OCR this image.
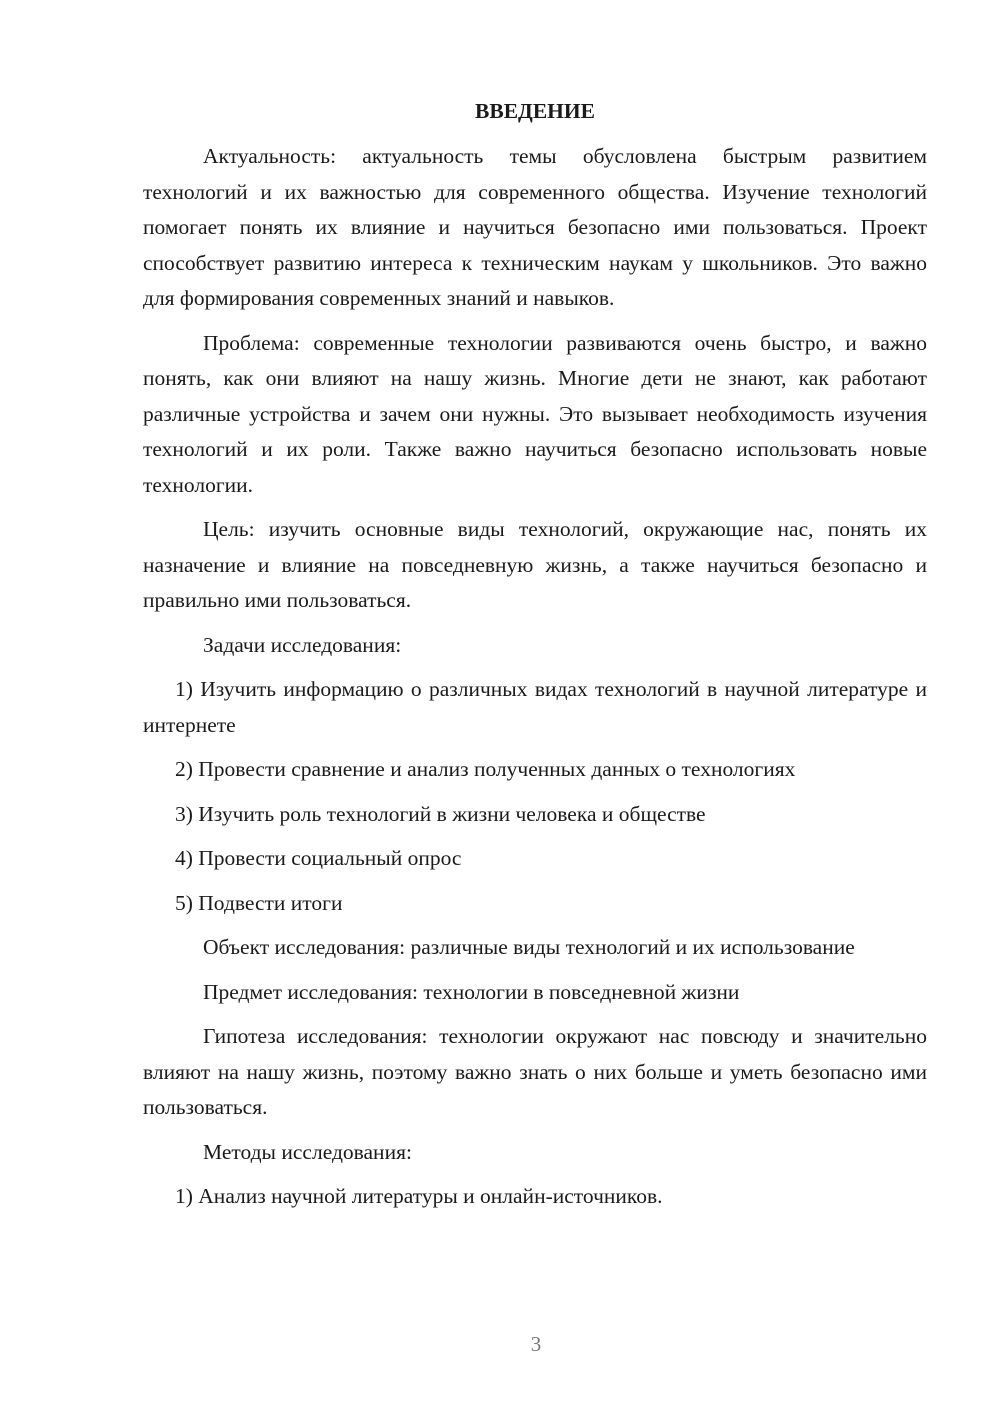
ВВЕДЕНИЕ

Актуальность: актуальность темы обусловлена быстрым развитием технологий и их важностью для современного общества. Изучение технологий помогает понять их влияние и научиться безопасно ими пользоваться. Проект способствует развитию интереса к техническим наукам у школьников. Это важно для формирования современных знаний и навыков.

Проблема: современные технологии развиваются очень быстро, и важно понять, как они влияют на нашу жизнь. Многие дети не знают, как работают различные устройства и зачем они нужны. Это вызывает необходимость изучения технологий и их роли. Также важно научиться безопасно использовать новые технологии.

Цель: изучить основные виды технологий, окружающие нас, понять их назначение и влияние на повседневную жизнь, а также научиться безопасно и правильно ими пользоваться.

Задачи исследования:

1) Изучить информацию о различных видах технологий в научной литературе и интернете

2) Провести сравнение и анализ полученных данных о технологиях

3) Изучить роль технологий в жизни человека и обществе

4) Провести социальный опрос

5) Подвести итоги

Объект исследования: различные виды технологий и их использование

Предмет исследования: технологии в повседневной жизни

Гипотеза исследования: технологии окружают нас повсюду и значительно влияют на нашу жизнь, поэтому важно знать о них больше и уметь безопасно ими пользоваться.

Методы исследования:

1) Анализ научной литературы и онлайн-источников.

3
